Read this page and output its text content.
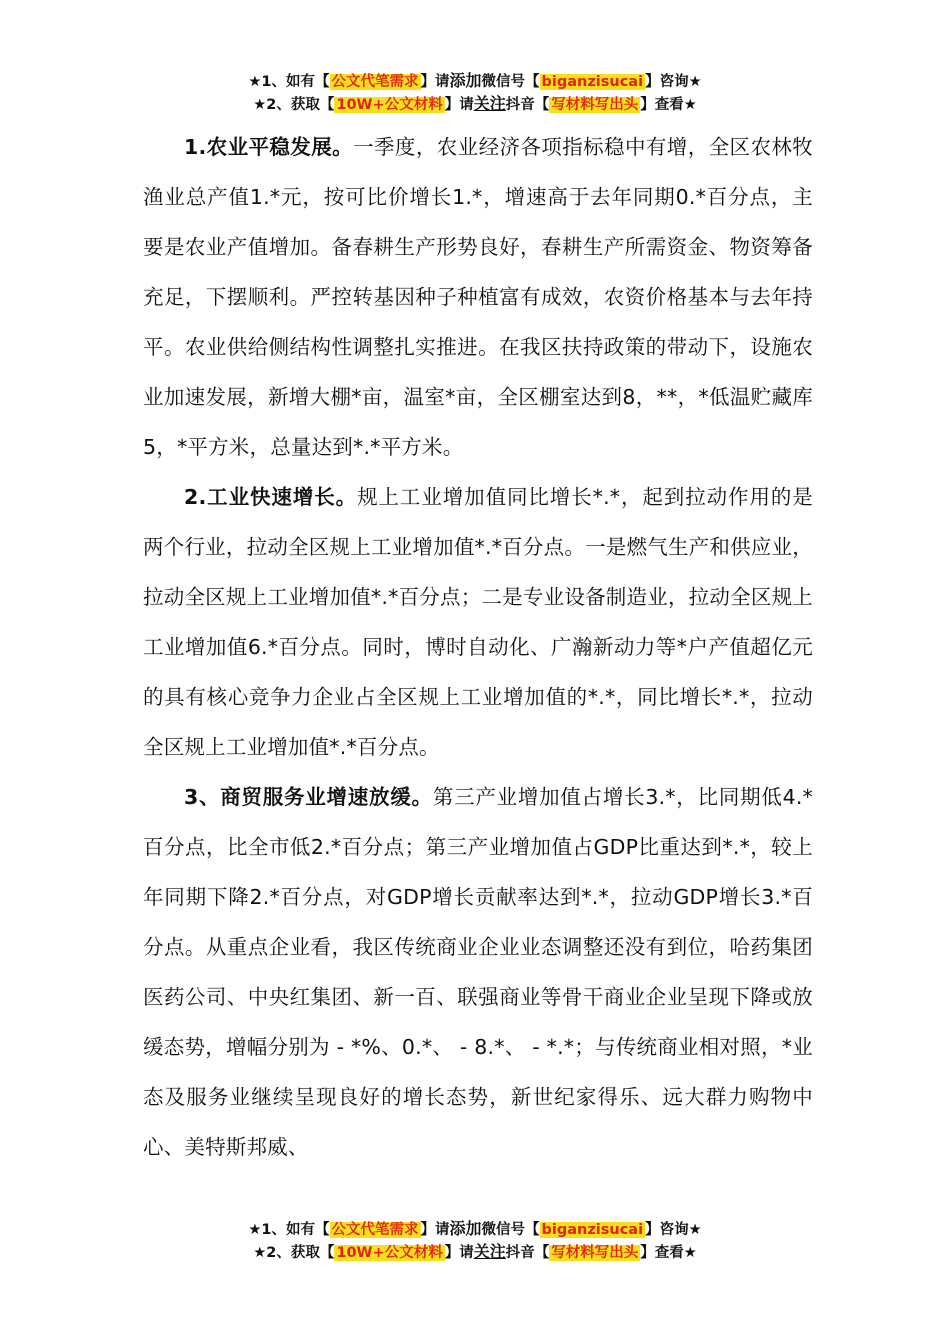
★1、如有【 公文代笔需求 】请添加微信号【 biganzisucai 】咨询★
★2、获取【 10W+公文材料 】请关注抖音【 写材料写出头 】查看★

1.农业平稳发展。一季度，农业经济各项指标稳中有增，全区农林牧渔业总产值1.*元，按可比价增长1.*，增速高于去年同期0.*百分点，主要是农业产值增加。备春耕生产形势良好，春耕生产所需资金、物资筹备充足，下摆顺利。严控转基因种子种植富有成效，农资价格基本与去年持平。农业供给侧结构性调整扎实推进。在我区扶持政策的带动下，设施农业加速发展，新增大棚*亩，温室*亩，全区棚室达到8，**，*低温贮藏库5，*平方米，总量达到*.*平方米。

2.工业快速增长。规上工业增加值同比增长*.*，起到拉动作用的是两个行业，拉动全区规上工业增加值*.*百分点。一是燃气生产和供应业，拉动全区规上工业增加值*.*百分点；二是专业设备制造业，拉动全区规上工业增加值6.*百分点。同时，博时自动化、广瀚新动力等*户产值超亿元的具有核心竞争力企业占全区规上工业增加值的*.*，同比增长*.*，拉动全区规上工业增加值*.*百分点。

3、商贸服务业增速放缓。第三产业增加值占增长3.*，比同期低4.*百分点，比全市低2.*百分点；第三产业增加值占GDP比重达到*.*，较上年同期下降2.*百分点，对GDP增长贡献率达到*.*，拉动GDP增长3.*百分点。从重点企业看，我区传统商业企业业态调整还没有到位，哈药集团医药公司、中央红集团、新一百、联强商业等骨干商业企业呈现下降或放缓态势，增幅分别为 - *%、0.*、 - 8.*、 - *.*；与传统商业相对照，*业态及服务业继续呈现良好的增长态势，新世纪家得乐、远大群力购物中心、美特斯邦威、

★1、如有【 公文代笔需求 】请添加微信号【 biganzisucai 】咨询★
★2、获取【 10W+公文材料 】请关注抖音【 写材料写出头 】查看★
